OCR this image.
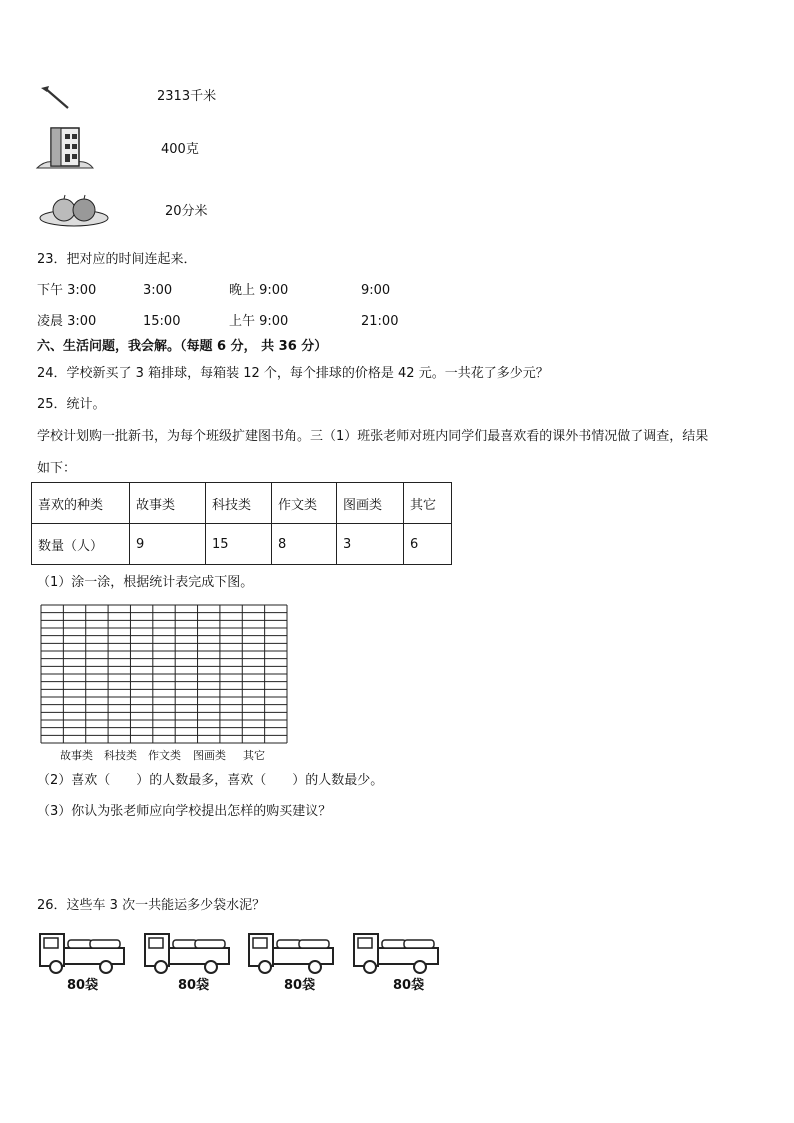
2313千米
400克
20分米
23．把对应的时间连起来．
下午 3:00	3:00	晚上 9:00	9:00
凌晨 3:00	15:00	上午 9:00	21:00
六、生活问题，我会解。（每题 6 分， 共 36 分）
24．学校新买了 3 箱排球，每箱装 12 个，每个排球的价格是 42 元。一共花了多少元？
25．统计。
学校计划购一批新书，为每个班级扩建图书角。三（1）班张老师对班内同学们最喜欢看的课外书情况做了调查，结果
如下：
喜欢的种类	故事类	科技类	作文类	图画类	其它
数量（人）	9	15	8	3	6
（1）涂一涂，根据统计表完成下图。
故事类 科技类 作文类 图画类 其它
（2）喜欢（　　）的人数最多，喜欢（　　）的人数最少。
（3）你认为张老师应向学校提出怎样的购买建议？
26．这些车 3 次一共能运多少袋水泥？
80袋	80袋	80袋	80袋
